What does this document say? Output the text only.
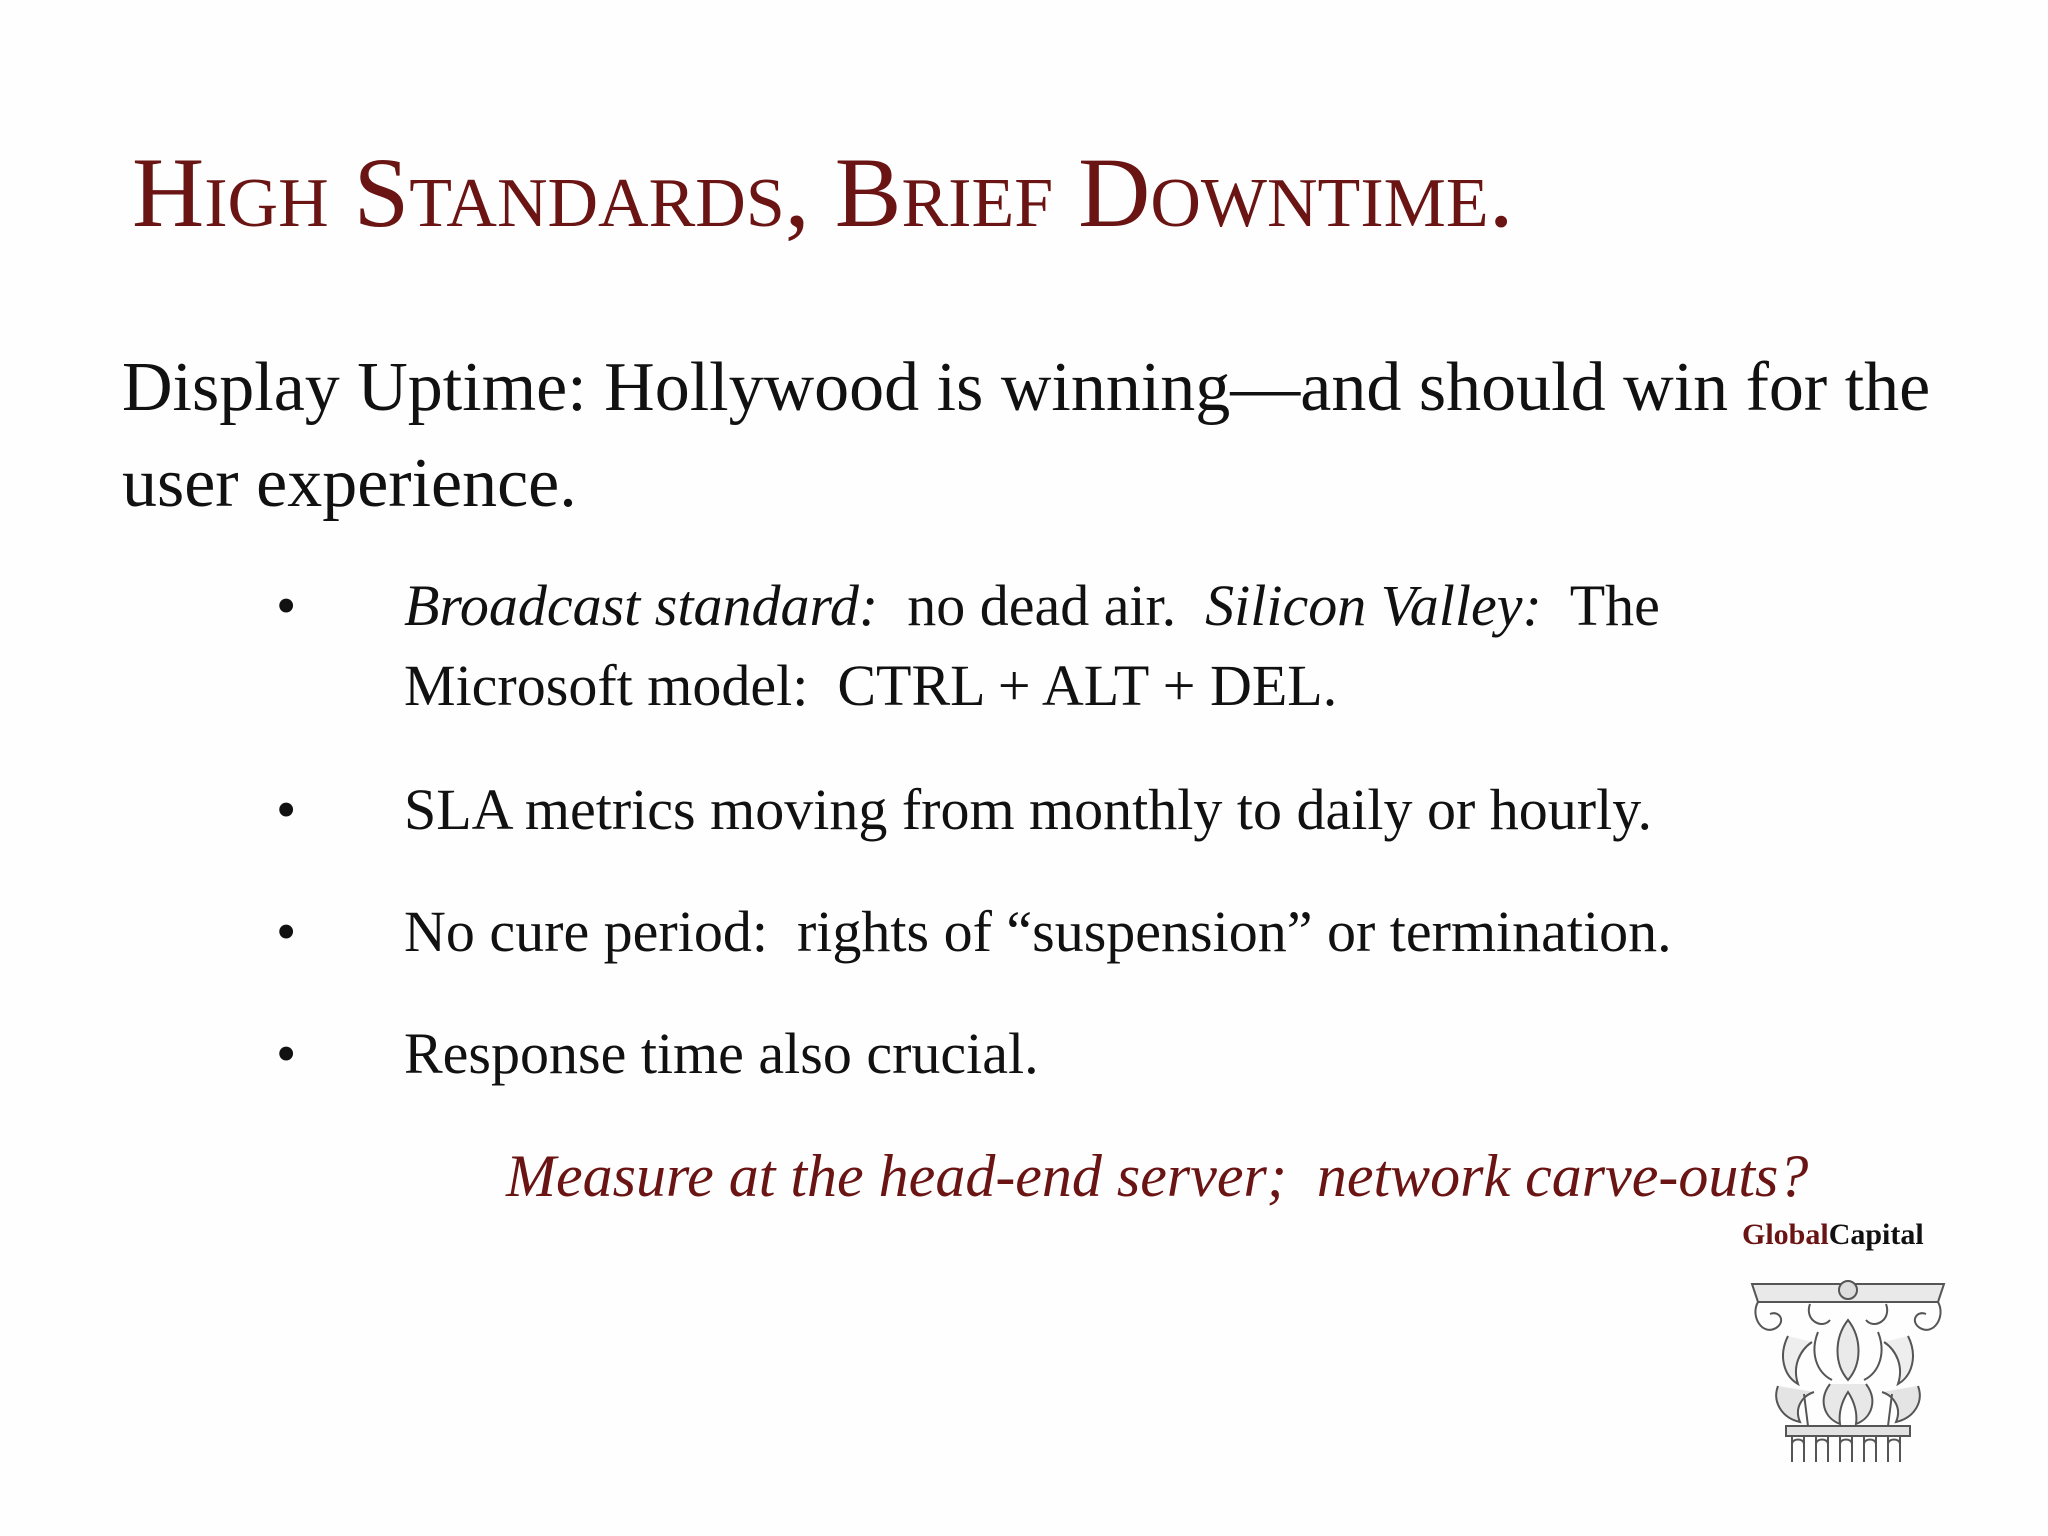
High Standards, Brief Downtime.
Display Uptime: Hollywood is winning—and should win for the user experience.
• Broadcast standard:  no dead air.  Silicon Valley:  The Microsoft model:  CTRL + ALT + DEL.
• SLA metrics moving from monthly to daily or hourly.
• No cure period:  rights of “suspension” or termination.
• Response time also crucial.
Measure at the head-end server;  network carve-outs?
GlobalCapital
